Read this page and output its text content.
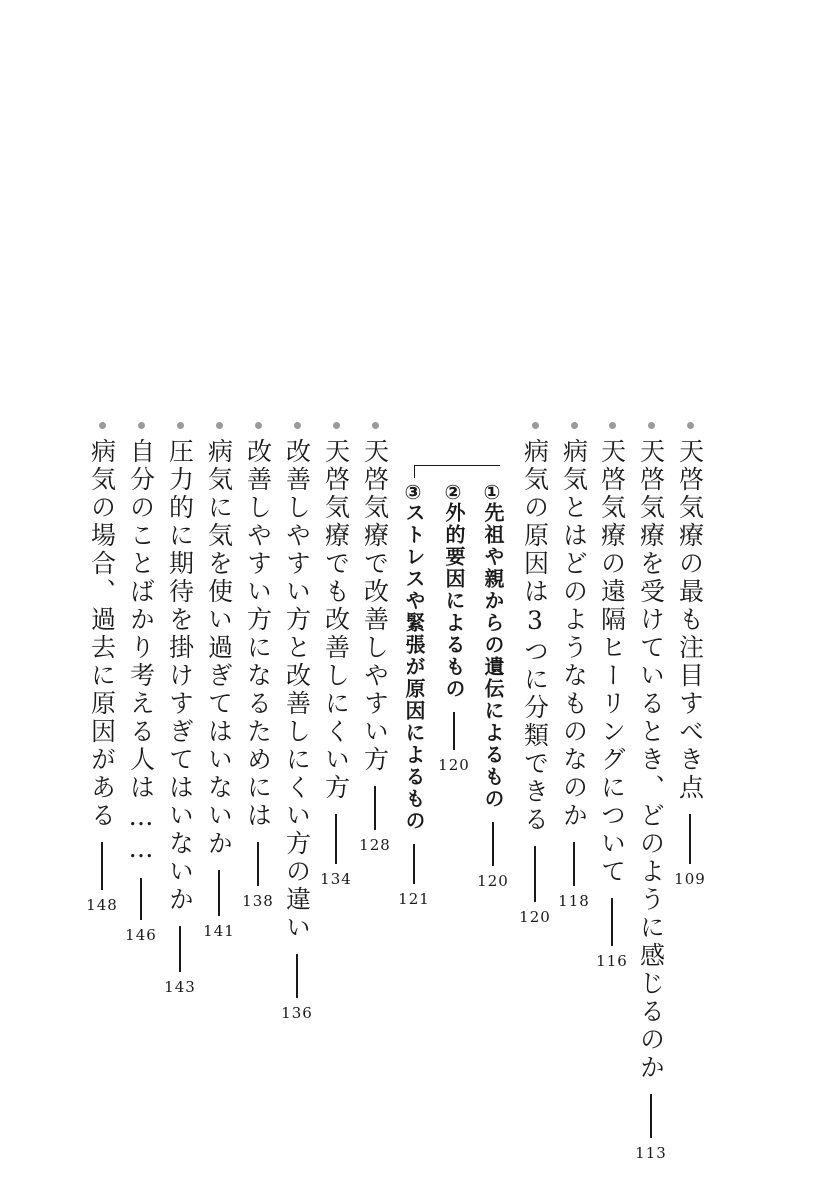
天啓気療の最も注目すべき点
109
天啓気療を受けているとき、どのように感じるのか
113
天啓気療の遠隔ヒーリングについて
116
病気とはどのようなものなのか
118
病気の原因は3つに分類できる
120
①先祖や親からの遺伝によるもの
120
②外的要因によるもの
120
③ストレスや緊張が原因によるもの
121
天啓気療で改善しやすい方
128
天啓気療でも改善しにくい方
134
改善しやすい方と改善しにくい方の違い
136
改善しやすい方になるためには
138
病気に気を使い過ぎてはいないか
141
圧力的に期待を掛けすぎてはいないか
143
自分のことばかり考える人は……
146
病気の場合、過去に原因がある
148
